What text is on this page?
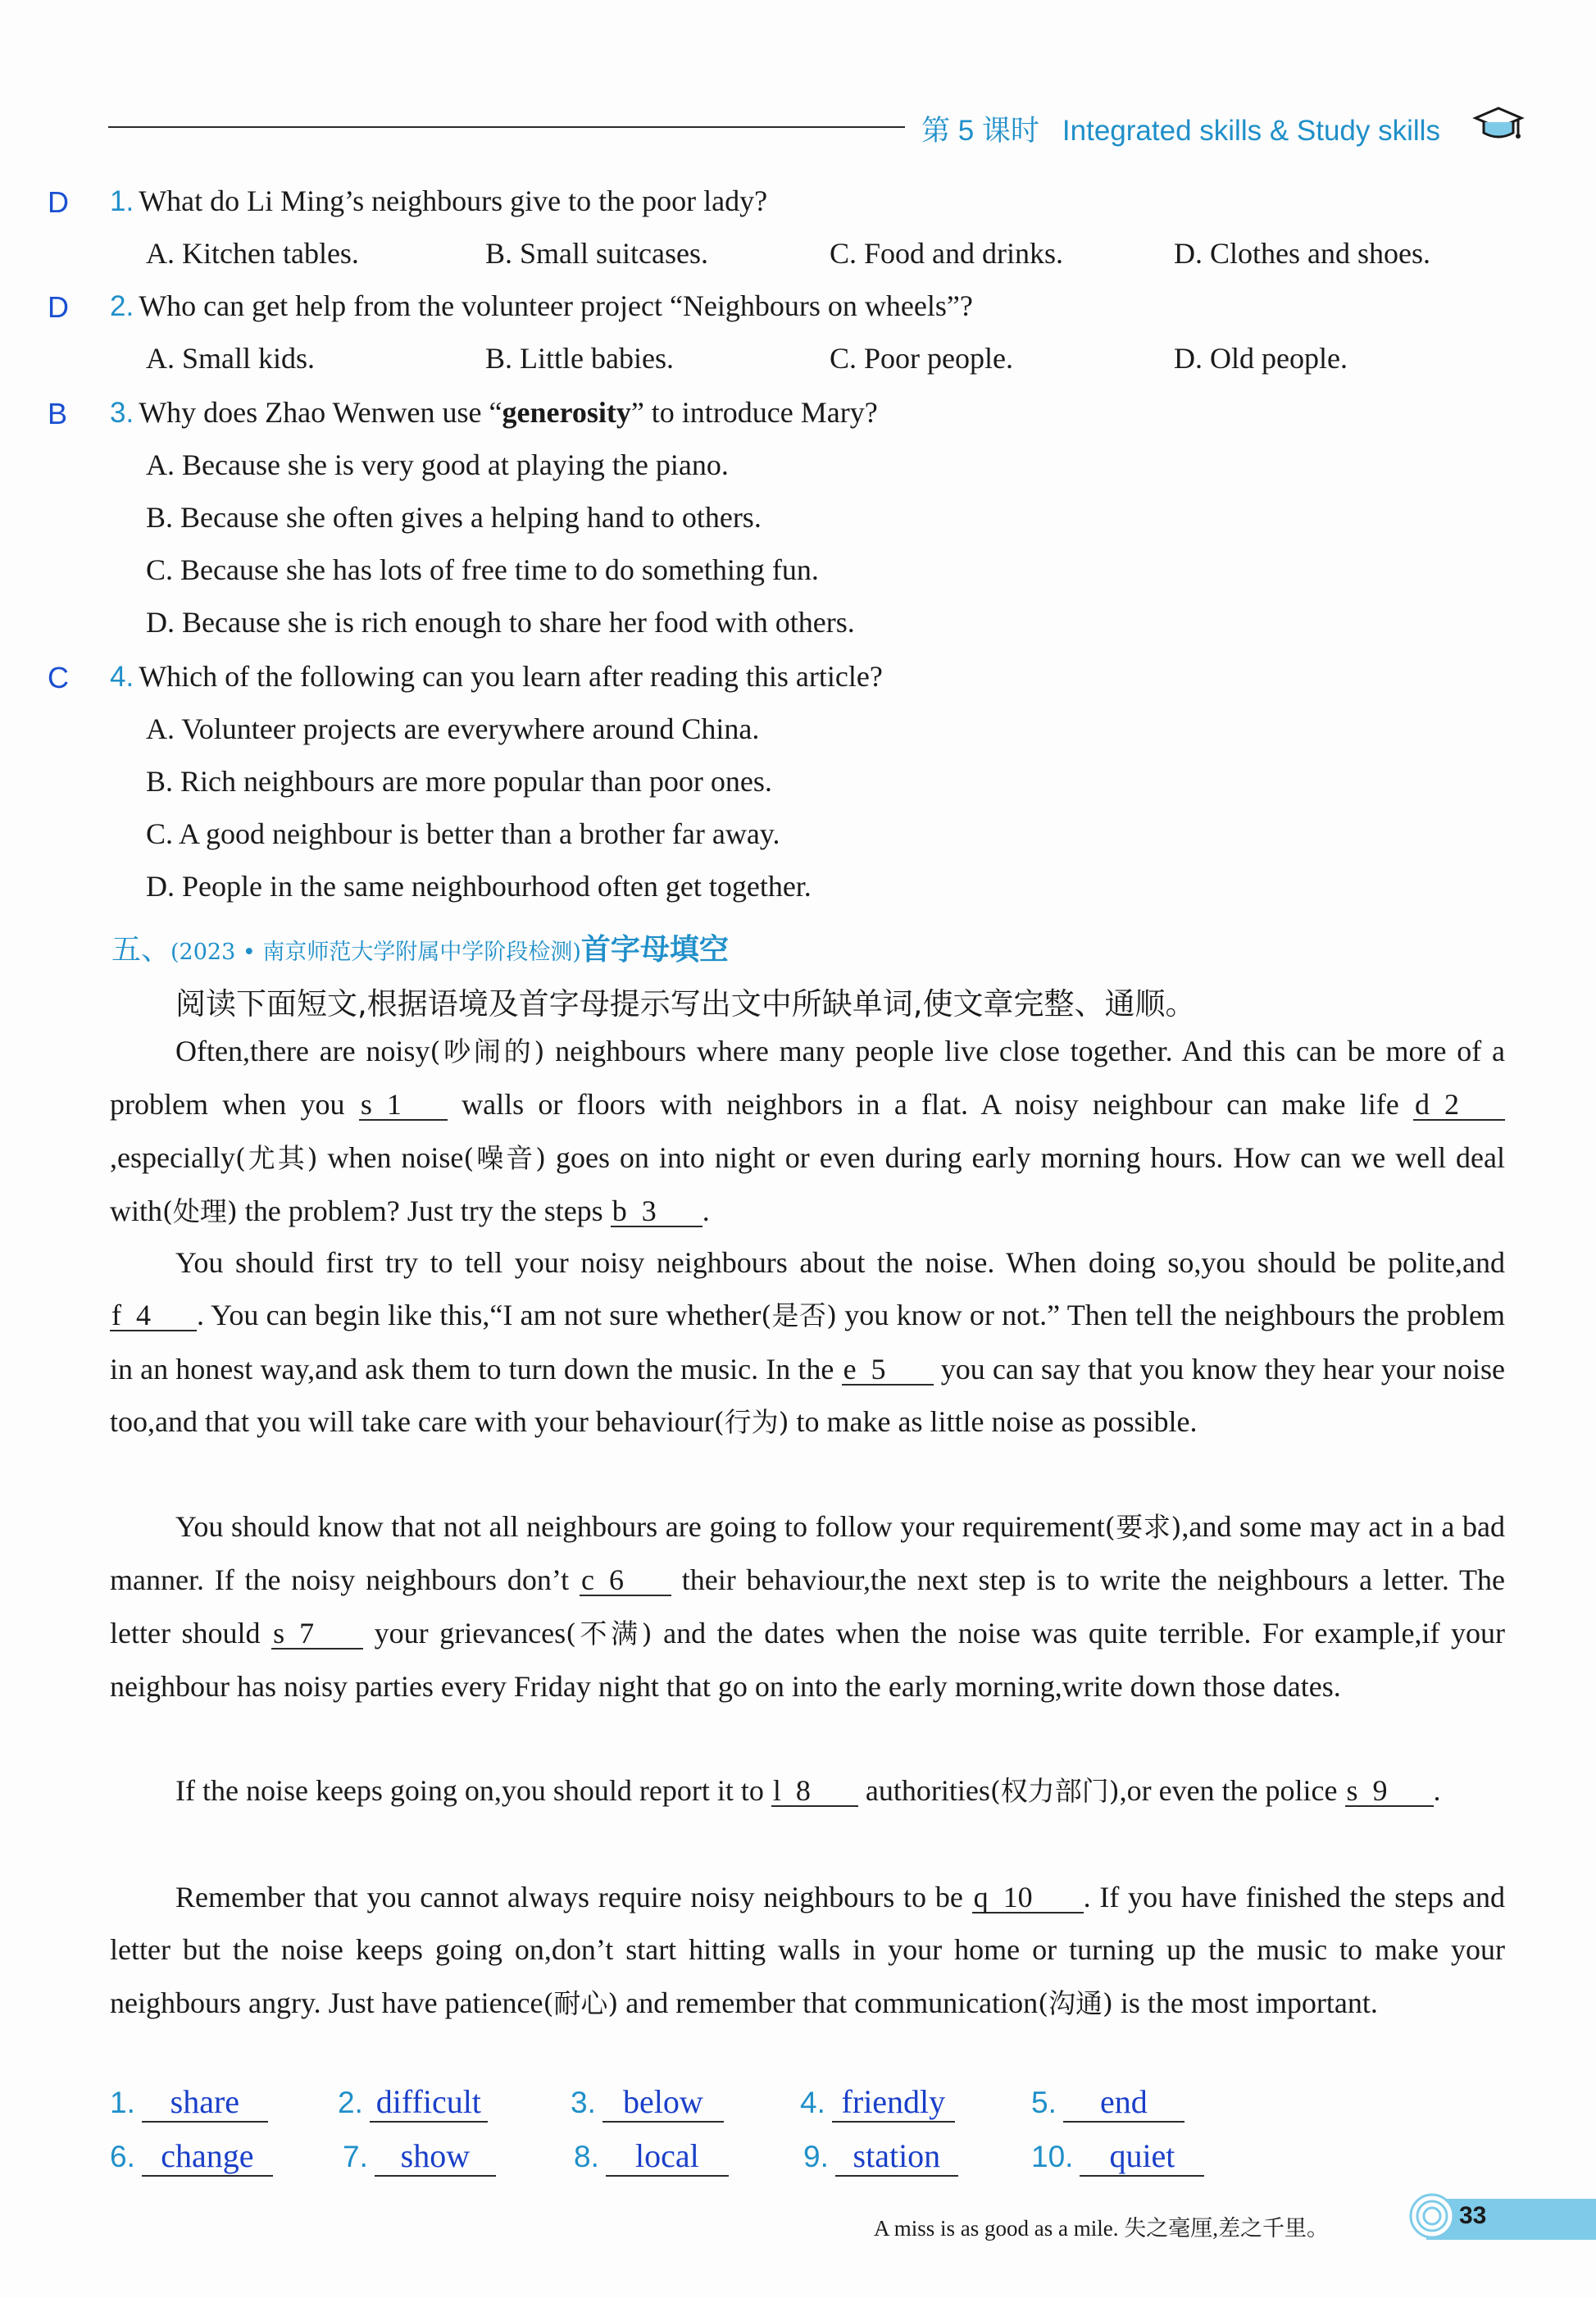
第 5 课时 Integrated skills & Study skills
D 1. What do Li Ming’s neighbours give to the poor lady?
A. Kitchen tables.	B. Small suitcases.	C. Food and drinks.	D. Clothes and shoes.
D 2. Who can get help from the volunteer project “Neighbours on wheels”?
A. Small kids.	B. Little babies.	C. Poor people.	D. Old people.
B 3. Why does Zhao Wenwen use “generosity” to introduce Mary?
A. Because she is very good at playing the piano.
B. Because she often gives a helping hand to others.
C. Because she has lots of free time to do something fun.
D. Because she is rich enough to share her food with others.
C 4. Which of the following can you learn after reading this article?
A. Volunteer projects are everywhere around China.
B. Rich neighbours are more popular than poor ones.
C. A good neighbour is better than a brother far away.
D. People in the same neighbourhood often get together.
五、(2023 • 南京师范大学附属中学阶段检测)首字母填空
阅读下面短文,根据语境及首字母提示写出文中所缺单词,使文章完整、通顺。
Often,there are noisy(吵闹的) neighbours where many people live close together. And this can be more of a problem when you s 1 walls or floors with neighbors in a flat. A noisy neighbour can make life d 2,especially(尤其) when noise(噪音) goes on into night or even during early morning hours. How can we well deal with(处理) the problem? Just try the steps b 3 .
You should first try to tell your noisy neighbours about the noise. When doing so,you should be polite,and f 4 . You can begin like this,“I am not sure whether(是否) you know or not.” Then tell the neighbours the problem in an honest way,and ask them to turn down the music. In the e 5 you can say that you know they hear your noise too,and that you will take care with your behaviour(行为) to make as little noise as possible.
You should know that not all neighbours are going to follow your requirement(要求),and some may act in a bad manner. If the noisy neighbours don’t c 6 their behaviour,the next step is to write the neighbours a letter. The letter should s 7 your grievances(不满) and the dates when the noise was quite terrible. For example,if your neighbour has noisy parties every Friday night that go on into the early morning,write down those dates.
If the noise keeps going on,you should report it to l 8 authorities(权力部门),or even the police s 9 .
Remember that you cannot always require noisy neighbours to be q 10 . If you have finished the steps and letter but the noise keeps going on,don’t start hitting walls in your home or turning up the music to make your neighbours angry. Just have patience(耐心) and remember that communication(沟通) is the most important.
1. share	2. difficult	3. below	4. friendly	5. end
6. change	7. show	8. local	9. station	10. quiet
A miss is as good as a mile. 失之毫厘,差之千里。	33
